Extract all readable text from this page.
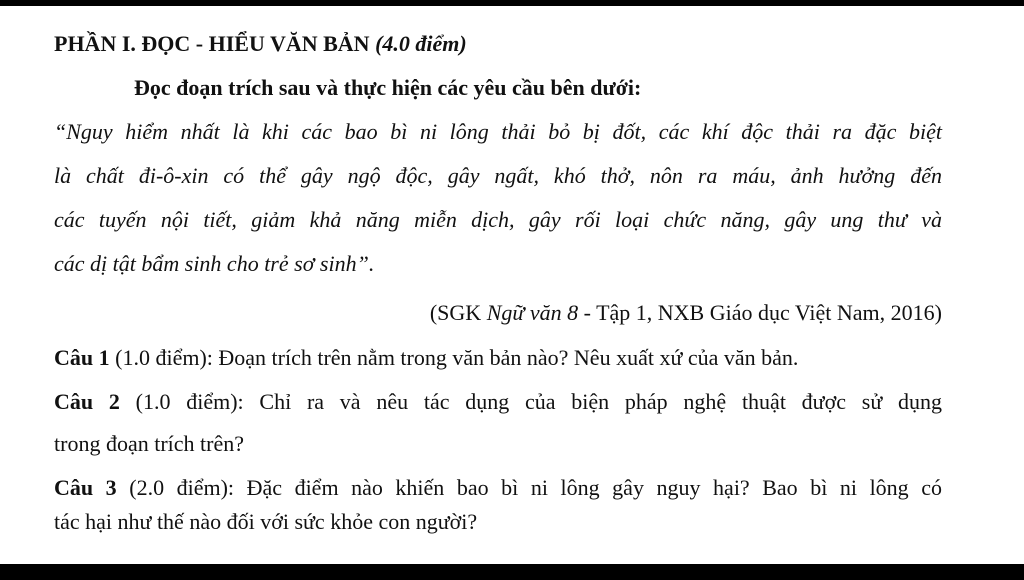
PHẦN I. ĐỌC - HIỂU VĂN BẢN (4.0 điểm)
Đọc đoạn trích sau và thực hiện các yêu cầu bên dưới:
“Nguy hiểm nhất là khi các bao bì ni lông thải bỏ bị đốt, các khí độc thải ra đặc biệt
là chất đi-ô-xin có thể gây ngộ độc, gây ngất, khó thở, nôn ra máu, ảnh hưởng đến
các tuyến nội tiết, giảm khả năng miễn dịch, gây rối loại chức năng, gây ung thư và
các dị tật bẩm sinh cho trẻ sơ sinh”.
(SGK Ngữ văn 8 - Tập 1, NXB Giáo dục Việt Nam, 2016)
Câu 1 (1.0 điểm): Đoạn trích trên nằm trong văn bản nào? Nêu xuất xứ của văn bản.
Câu 2 (1.0 điểm): Chỉ ra và nêu tác dụng của biện pháp nghệ thuật được sử dụng
trong đoạn trích trên?
Câu 3 (2.0 điểm): Đặc điểm nào khiến bao bì ni lông gây nguy hại? Bao bì ni lông có
tác hại như thế nào đối với sức khỏe con người?
